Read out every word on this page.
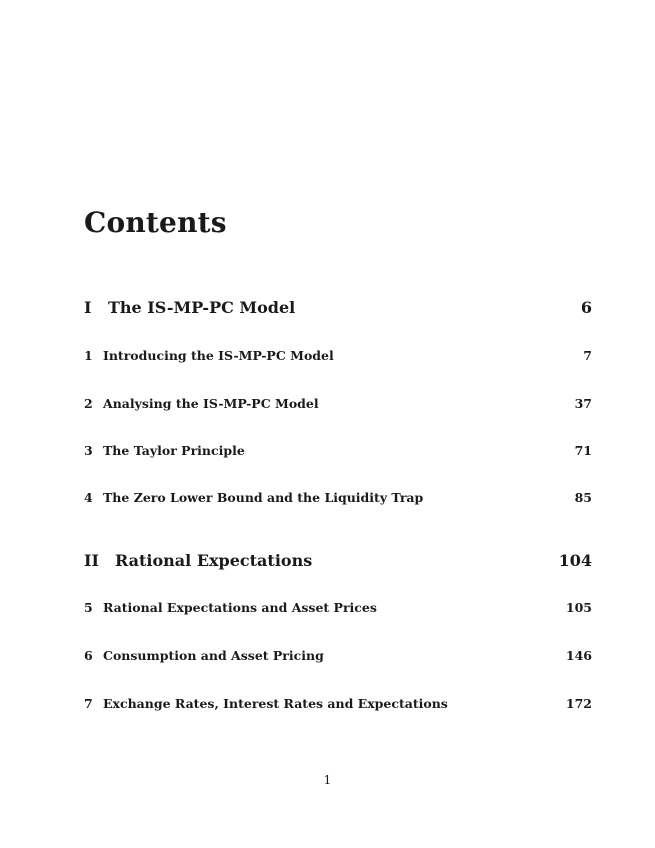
Contents
I	The IS-MP-PC Model	6
1 Introducing the IS-MP-PC Model	7
2 Analysing the IS-MP-PC Model	37
3 The Taylor Principle	71
4 The Zero Lower Bound and the Liquidity Trap	85
II	Rational Expectations	104
5 Rational Expectations and Asset Prices	105
6 Consumption and Asset Pricing	146
7 Exchange Rates, Interest Rates and Expectations	172
1
